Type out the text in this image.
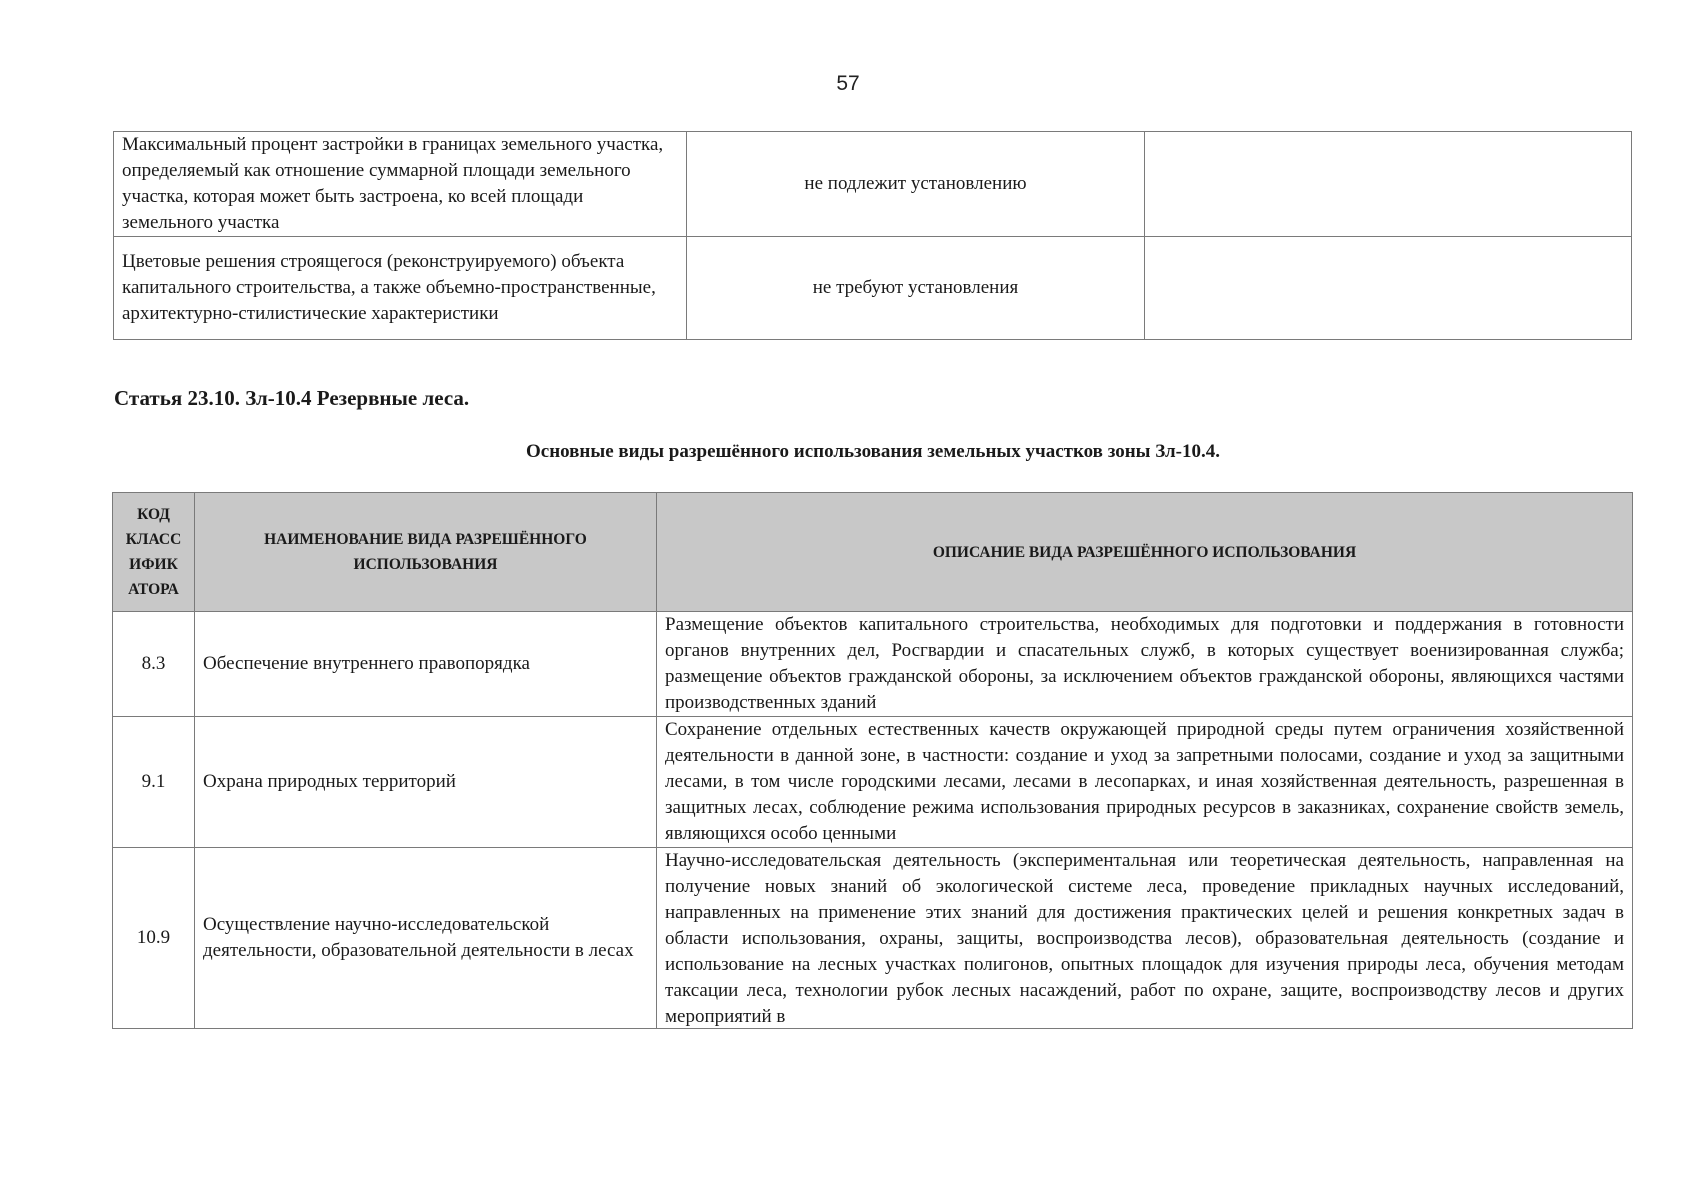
57
Максимальный процент застройки в границах земельного участка, определяемый как отношение суммарной площади земельного участка, которая может быть застроена, ко всей площади земельного участка	не подлежит установлению	
Цветовые решения строящегося (реконструируемого) объекта капитального строительства, а также объемно-пространственные, архитектурно-стилистические характеристики	не требуют установления	
Статья 23.10. Зл-10.4 Резервные леса.
Основные виды разрешённого использования земельных участков зоны Зл-10.4.
КОД КЛАСС ИФИК АТОРА	НАИМЕНОВАНИЕ ВИДА РАЗРЕШЁННОГО ИСПОЛЬЗОВАНИЯ	ОПИСАНИЕ ВИДА РАЗРЕШЁННОГО ИСПОЛЬЗОВАНИЯ
8.3	Обеспечение внутреннего правопорядка	Размещение объектов капитального строительства, необходимых для подготовки и поддержания в готовности органов внутренних дел, Росгвардии и спасательных служб, в которых существует военизированная служба; размещение объектов гражданской обороны, за исключением объектов гражданской обороны, являющихся частями производственных зданий
9.1	Охрана природных территорий	Сохранение отдельных естественных качеств окружающей природной среды путем ограничения хозяйственной деятельности в данной зоне, в частности: создание и уход за запретными полосами, создание и уход за защитными лесами, в том числе городскими лесами, лесами в лесопарках, и иная хозяйственная деятельность, разрешенная в защитных лесах, соблюдение режима использования природных ресурсов в заказниках, сохранение свойств земель, являющихся особо ценными
10.9	Осуществление научно-исследовательской деятельности, образовательной деятельности в лесах	Научно-исследовательская деятельность (экспериментальная или теоретическая деятельность, направленная на получение новых знаний об экологической системе леса, проведение прикладных научных исследований, направленных на применение этих знаний для достижения практических целей и решения конкретных задач в области использования, охраны, защиты, воспроизводства лесов), образовательная деятельность (создание и использование на лесных участках полигонов, опытных площадок для изучения природы леса, обучения методам таксации леса, технологии рубок лесных насаждений, работ по охране, защите, воспроизводству лесов и других мероприятий в
